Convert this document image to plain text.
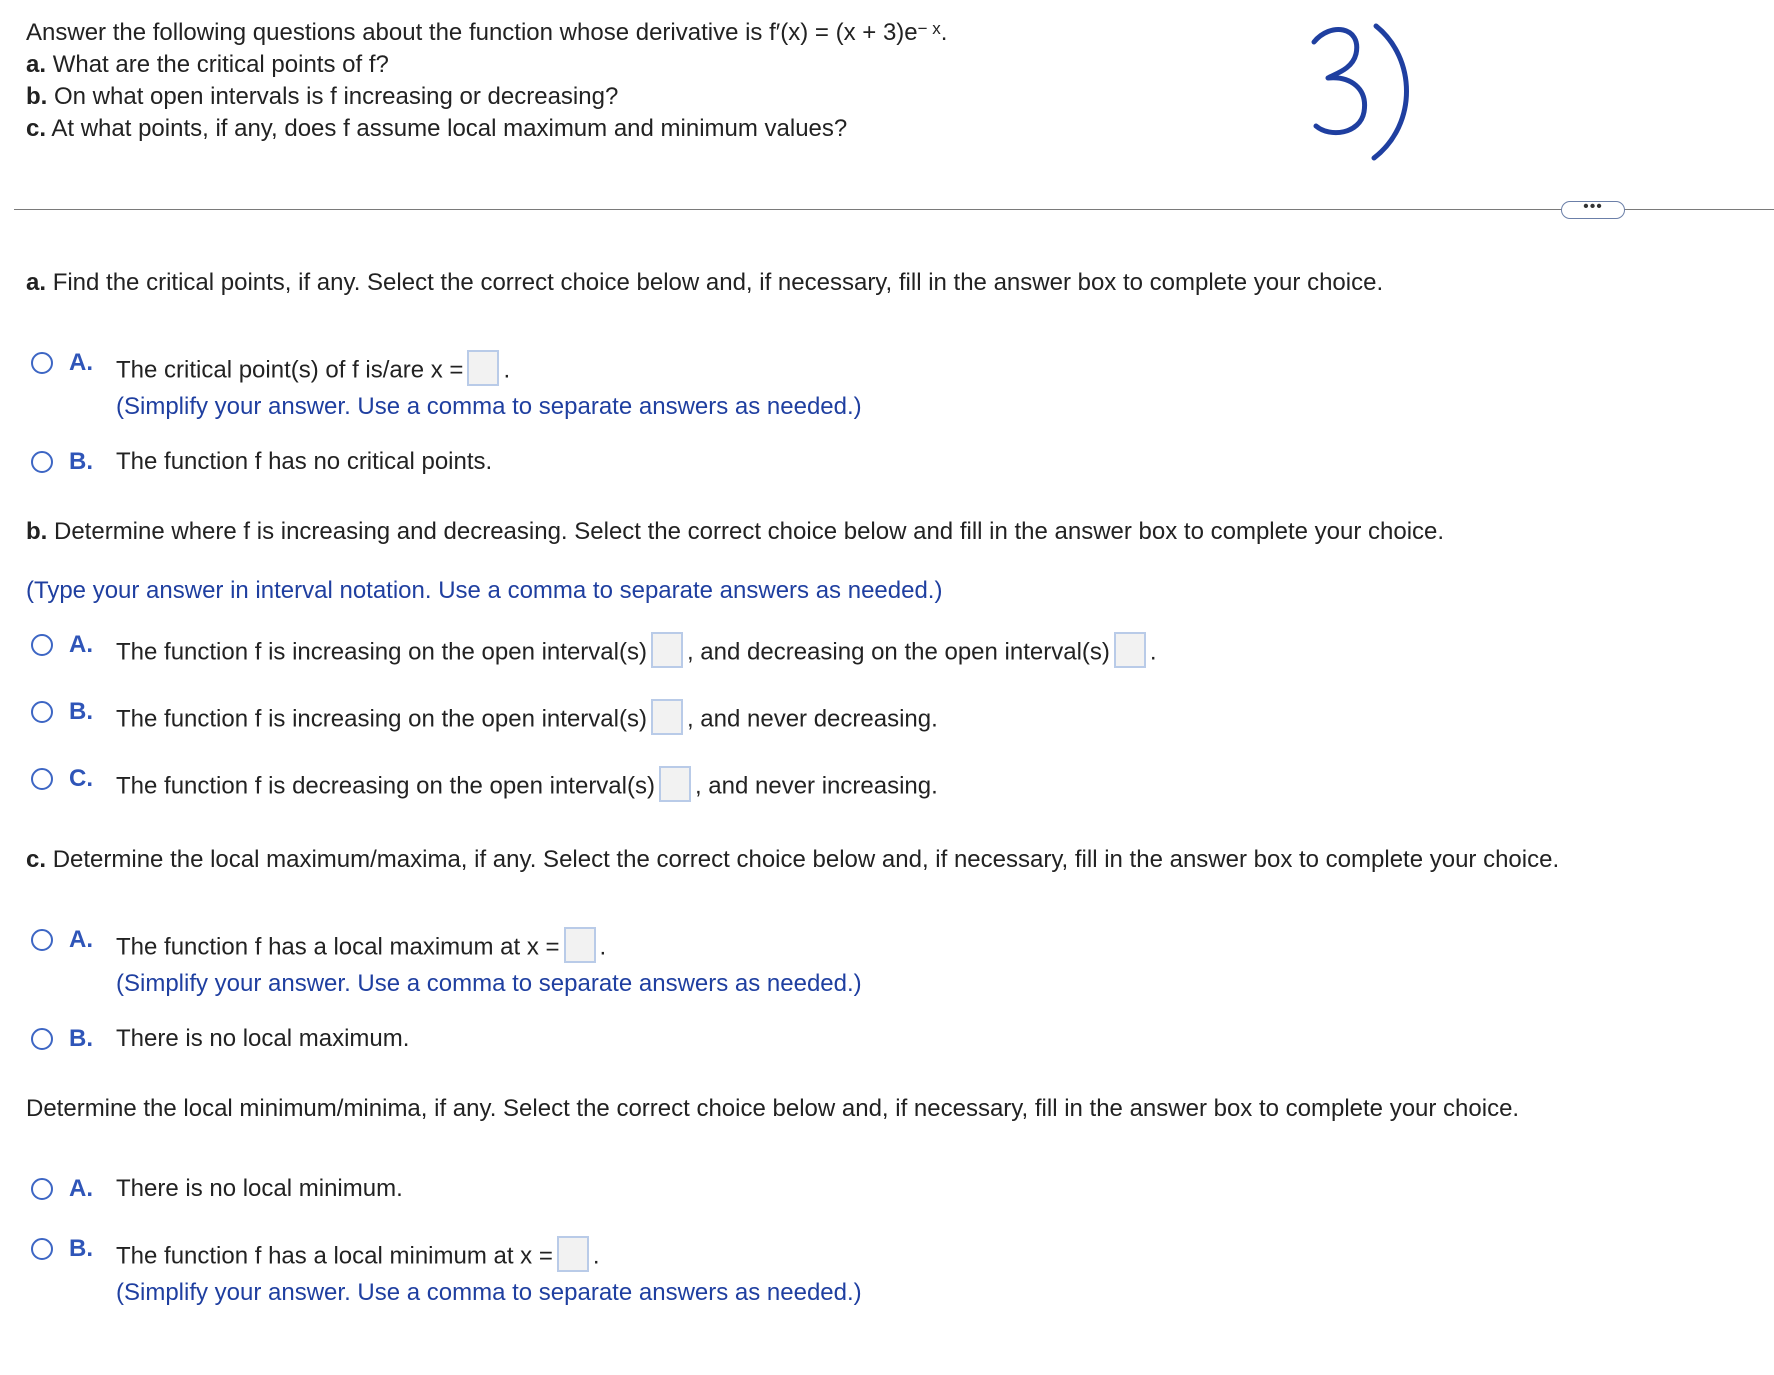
Answer the following questions about the function whose derivative is $f'(x) = (x + 3)e^{- x}$.
a. What are the critical points of f?
b. On what open intervals is f increasing or decreasing?
c. At what points, if any, does f assume local maximum and minimum values?
•••
a. Find the critical points, if any. Select the correct choice below and, if necessary, fill in the answer box to complete your choice.
A. The critical point(s) of f is/are x = .
(Simplify your answer. Use a comma to separate answers as needed.)
B. The function f has no critical points.
b. Determine where f is increasing and decreasing. Select the correct choice below and fill in the answer box to complete your choice.
(Type your answer in interval notation. Use a comma to separate answers as needed.)
A. The function f is increasing on the open interval(s) , and decreasing on the open interval(s) .
B. The function f is increasing on the open interval(s) , and never decreasing.
C. The function f is decreasing on the open interval(s) , and never increasing.
c. Determine the local maximum/maxima, if any. Select the correct choice below and, if necessary, fill in the answer box to complete your choice.
A. The function f has a local maximum at x = .
(Simplify your answer. Use a comma to separate answers as needed.)
B. There is no local maximum.
Determine the local minimum/minima, if any. Select the correct choice below and, if necessary, fill in the answer box to complete your choice.
A. There is no local minimum.
B. The function f has a local minimum at x = .
(Simplify your answer. Use a comma to separate answers as needed.)
